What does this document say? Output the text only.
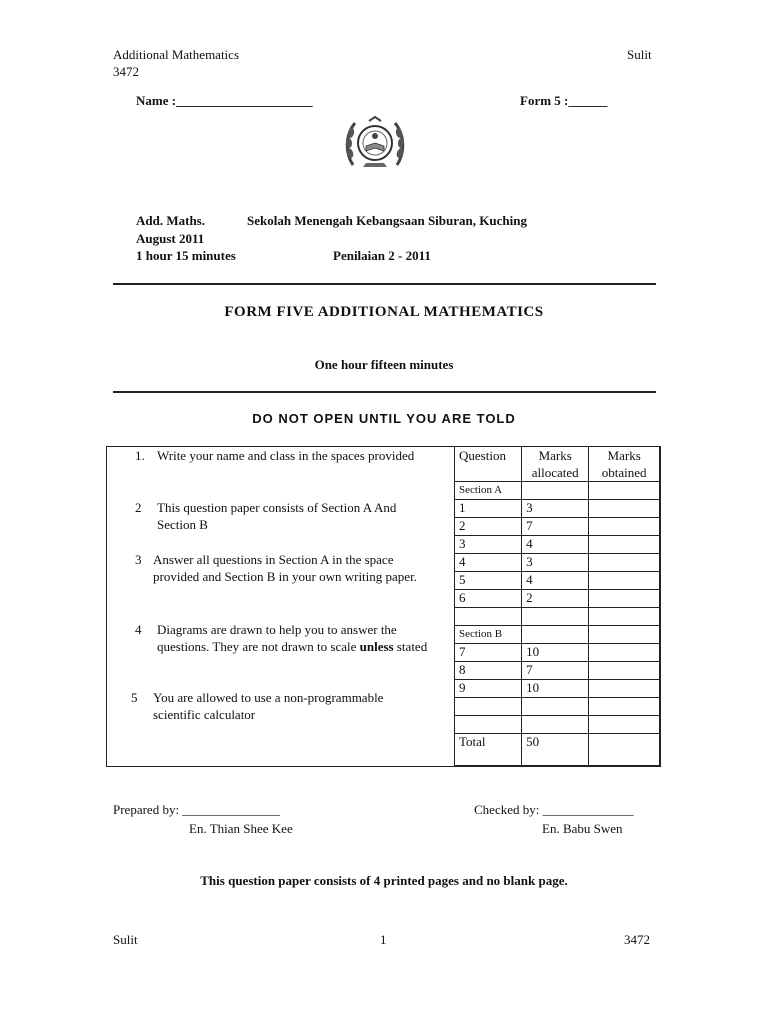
Additional Mathematics
3472
Sulit
Name :_____________________	Form 5 :______
Add. Maths.	Sekolah Menengah Kebangsaan Siburan, Kuching
August 2011
1 hour 15 minutes	Penilaian 2 - 2011
FORM FIVE ADDITIONAL MATHEMATICS
One hour fifteen minutes
DO NOT OPEN UNTIL YOU ARE TOLD
1. Write your name and class in the spaces provided
2	This question paper consists of Section A And Section B
3 Answer all questions in Section A in the space provided and Section B in your own writing paper.
4	Diagrams are drawn to help you to answer the questions. They are not drawn to scale unless stated
5	You are allowed to use a non-programmable scientific calculator
Question	Marks allocated	Marks obtained
Section A		
1	3	
2	7	
3	4	
4	3	
5	4	
6	2	

Section B		
7	10	
8	7	
9	10	

Total	50	
Prepared by: _______________
En. Thian Shee Kee
Checked by: ______________
En. Babu Swen
This question paper consists of 4 printed pages and no blank page.
Sulit	1	3472
